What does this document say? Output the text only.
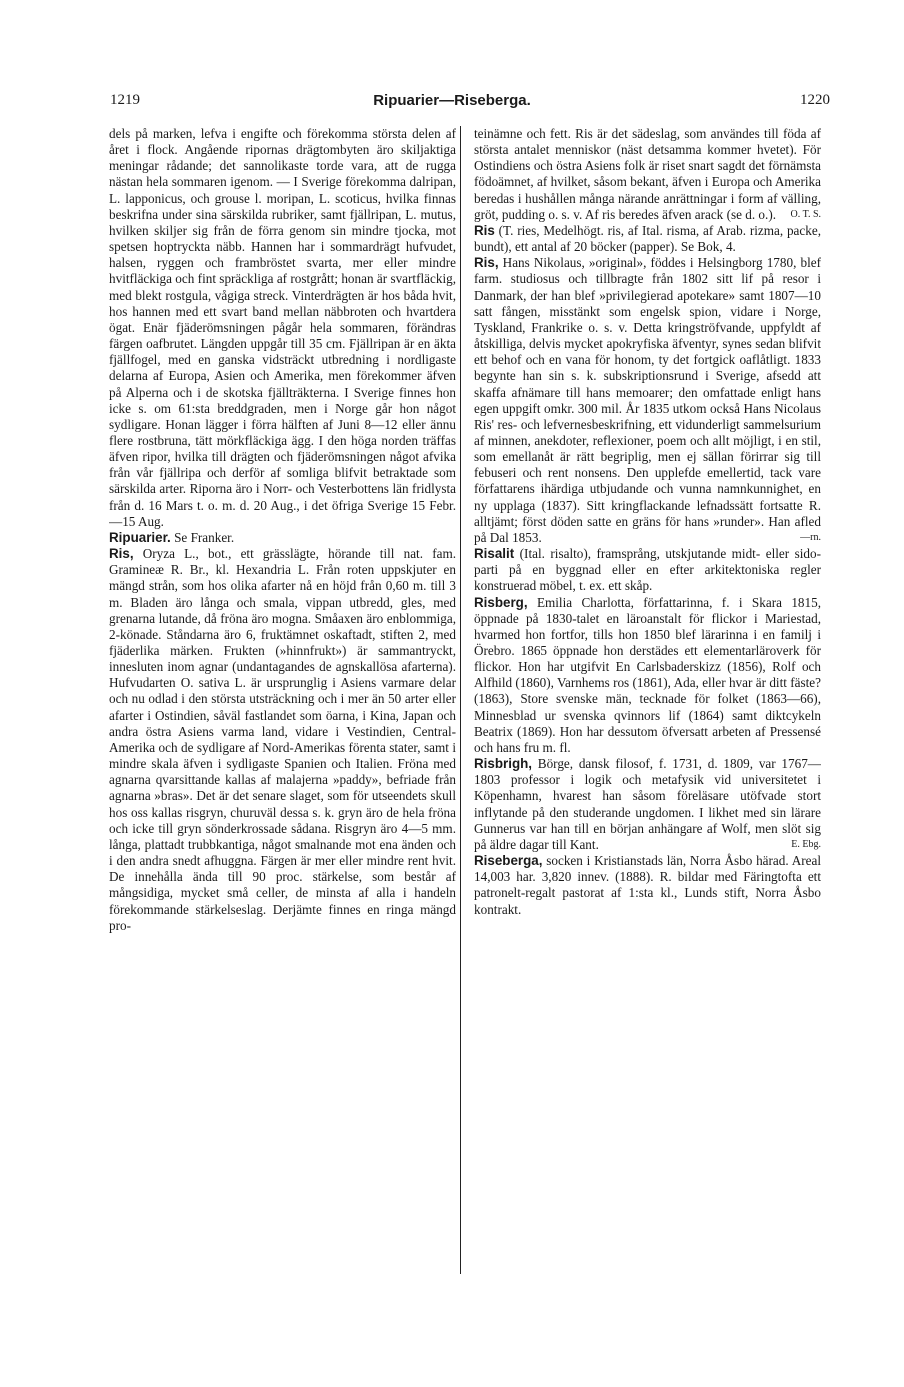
1219	Ripuarier—Riseberga.	1220

dels på marken, lefva i engifte och förekomma största delen af året i flock. Angående ripornas drägtombyten äro skiljaktiga meningar rådande; det sannolikaste torde vara, att de rugga nästan hela sommaren igenom. — I Sverige förekomma dalripan, L. lapponicus, och grouse l. moripan, L. scoticus, hvilka finnas beskrifna under sina särskilda rubriker, samt fjällripan, L. mutus, hvilken skiljer sig från de förra genom sin mindre tjocka, mot spetsen hoptryckta näbb. Hannen har i sommardrägt hufvudet, halsen, ryggen och frambröstet svarta, mer eller mindre hvitfläckiga och fint spräckliga af rostgrått; honan är svartfläckig, med blekt rostgula, vågiga streck. Vinterdrägten är hos båda hvit, hos hannen med ett svart band mellan näbbroten och hvartdera ögat. Enär fjäderömsningen pågår hela sommaren, förändras färgen oafbrutet. Längden uppgår till 35 cm. Fjällripan är en äkta fjällfogel, med en ganska vidsträckt utbredning i nordligaste delarna af Europa, Asien och Amerika, men förekommer äfven på Alperna och i de skotska fjällträkterna. I Sverige finnes hon icke s. om 61:sta breddgraden, men i Norge går hon något sydligare. Honan lägger i förra hälften af Juni 8—12 eller ännu flere rostbruna, tätt mörkfläckiga ägg. I den höga norden träffas äfven ripor, hvilka till drägten och fjäderömsningen något afvika från vår fjällripa och derför af somliga blifvit betraktade som särskilda arter. Riporna äro i Norr- och Vesterbottens län fridlysta från d. 16 Mars t. o. m. d. 20 Aug., i det öfriga Sverige 15 Febr.—15 Aug.

Ripuarier. Se Franker.

Ris, Oryza L., bot., ett grässlägte, hörande till nat. fam. Gramineæ R. Br., kl. Hexandria L. Från roten uppskjuter en mängd strån, som hos olika afarter nå en höjd från 0,60 m. till 3 m. Bladen äro långa och smala, vippan utbredd, gles, med grenarna lutande, då fröna äro mogna. Småaxen äro enblommiga, 2-könade. Ståndarna äro 6, fruktämnet oskaftadt, stiften 2, med fjäderlika märken. Frukten (»hinnfrukt») är sammantryckt, innesluten inom agnar (undantagandes de agnskallösa afarterna). Hufvudarten O. sativa L. är ursprunglig i Asiens varmare delar och nu odlad i den största utsträckning och i mer än 50 arter eller afarter i Ostindien, såväl fastlandet som öarna, i Kina, Japan och andra östra Asiens varma land, vidare i Vestindien, Central-Amerika och de sydligare af Nord-Amerikas förenta stater, samt i mindre skala äfven i sydligaste Spanien och Italien. Fröna med agnarna qvarsittande kallas af malajerna »paddy», befriade från agnarna »bras». Det är det senare slaget, som för utseendets skull hos oss kallas risgryn, churuväl dessa s. k. gryn äro de hela fröna och icke till gryn sönderkrossade sådana. Risgryn äro 4—5 mm. långa, plattadt trubbkantiga, något smalnande mot ena änden och i den andra snedt afhuggna. Färgen är mer eller mindre rent hvit. De innehålla ända till 90 proc. stärkelse, som består af mångsidiga, mycket små celler, de minsta af alla i handeln förekommande stärkelseslag. Derjämte finnes en ringa mängd pro-

teinämne och fett. Ris är det sädeslag, som användes till föda af största antalet menniskor (näst detsamma kommer hvetet). För Ostindiens och östra Asiens folk är riset snart sagdt det förnämsta födoämnet, af hvilket, såsom bekant, äfven i Europa och Amerika beredas i hushållen många närande anrättningar i form af välling, gröt, pudding o. s. v. Af ris beredes äfven arack (se d. o.). O. T. S.

Ris (T. ries, Medelhögt. ris, af Ital. risma, af Arab. rizma, packe, bundt), ett antal af 20 böcker (papper). Se Bok, 4.

Ris, Hans Nikolaus, »original», föddes i Helsingborg 1780, blef farm. studiosus och tillbragte från 1802 sitt lif på resor i Danmark, der han blef »privilegierad apotekare» samt 1807—10 satt fången, misstänkt som engelsk spion, vidare i Norge, Tyskland, Frankrike o. s. v. Detta kringströfvande, uppfyldt af åtskilliga, delvis mycket apokryfiska äfventyr, synes sedan blifvit ett behof och en vana för honom, ty det fortgick oaflåtligt. 1833 begynte han sin s. k. subskriptionsrund i Sverige, afsedd att skaffa afnämare till hans memoarer; den omfattade enligt hans egen uppgift omkr. 300 mil. År 1835 utkom också Hans Nicolaus Ris' res- och lefvernesbeskrifning, ett vidunderligt sammelsurium af minnen, anekdoter, reflexioner, poem och allt möjligt, i en stil, som emellanåt är rätt begriplig, men ej sällan förirrar sig till febuseri och rent nonsens. Den upplefde emellertid, tack vare författarens ihärdiga utbjudande och vunna namnkunnighet, en ny upplaga (1837). Sitt kringflackande lefnadssätt fortsatte R. alltjämt; först döden satte en gräns för hans »runder». Han afled på Dal 1853.	—rn.

Risalit (Ital. risalto), framsprång, utskjutande midt- eller sido-parti på en byggnad eller en efter arkitektoniska regler konstruerad möbel, t. ex. ett skåp.

Risberg, Emilia Charlotta, författarinna, f. i Skara 1815, öppnade på 1830-talet en läroanstalt för flickor i Mariestad, hvarmed hon fortfor, tills hon 1850 blef lärarinna i en familj i Örebro. 1865 öppnade hon derstädes ett elementarläroverk för flickor. Hon har utgifvit En Carlsbaderskizz (1856), Rolf och Alfhild (1860), Varnhems ros (1861), Ada, eller hvar är ditt fäste? (1863), Store svenske män, tecknade för folket (1863—66), Minnesblad ur svenska qvinnors lif (1864) samt diktcykeln Beatrix (1869). Hon har dessutom öfversatt arbeten af Pressensé och hans fru m. fl.

Risbrigh, Börge, dansk filosof, f. 1731, d. 1809, var 1767—1803 professor i logik och metafysik vid universitetet i Köpenhamn, hvarest han såsom föreläsare utöfvade stort inflytande på den studerande ungdomen. I likhet med sin lärare Gunnerus var han till en början anhängare af Wolf, men slöt sig på äldre dagar till Kant.	E. Ebg.

Riseberga, socken i Kristianstads län, Norra Åsbo härad. Areal 14,003 har. 3,820 innev. (1888). R. bildar med Färingtofta ett patronelt-regalt pastorat af 1:sta kl., Lunds stift, Norra Åsbo kontrakt.
